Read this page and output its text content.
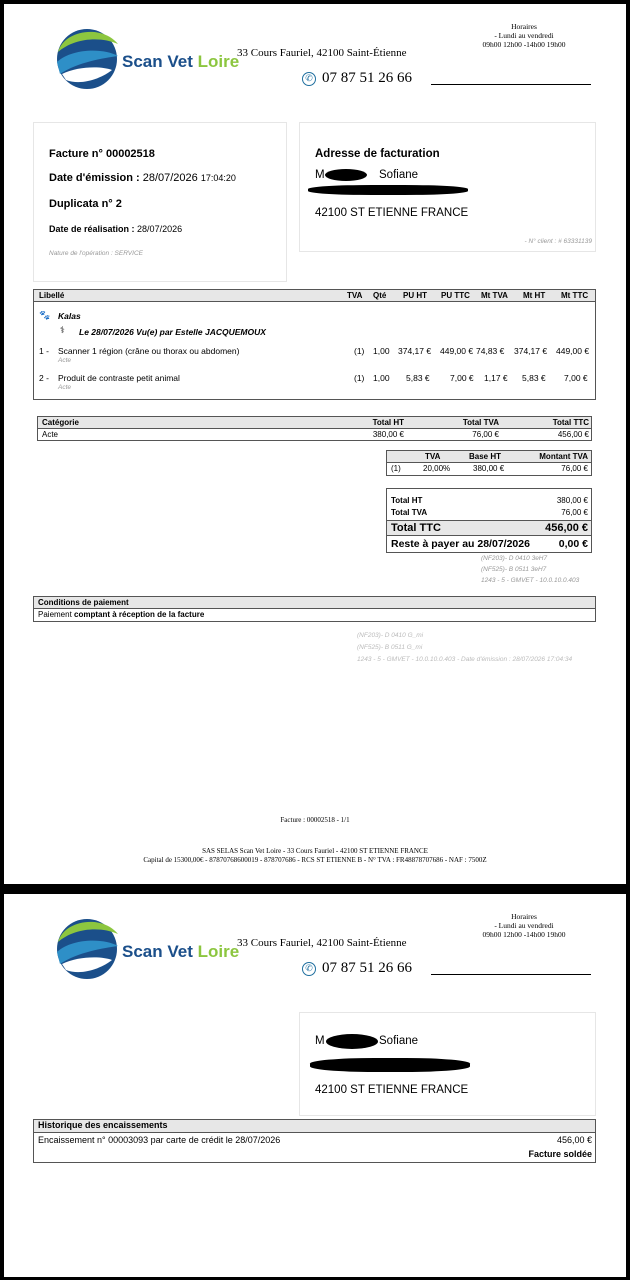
Scan Vet Loire
33 Cours Fauriel, 42100 Saint-Étienne
✆ 07 87 51 26 66
Horaires
- Lundi au vendredi
09h00 12h00 -14h00 19h00
Facture n° 00002518
Date d'émission : 28/07/2026 17:04:20
Duplicata n° 2
Date de réalisation : 28/07/2026
Nature de l'opération : SERVICE
Adresse de facturation
M	Sofiane
42100 ST ETIENNE FRANCE
- N° client : # 63331139
Libellé	TVA Qté PU HT PU TTC Mt TVA Mt HT Mt TTC
🐾 Kalas
⚕ Le 28/07/2026 Vu(e) par Estelle JACQUEMOUX
1 - Scanner 1 région (crâne ou thorax ou abdomen)
Acte
(1) 1,00 374,17 € 449,00 € 74,83 € 374,17 € 449,00 €
2 - Produit de contraste petit animal
Acte
(1) 1,00 5,83 € 7,00 € 1,17 € 5,83 € 7,00 €
Catégorie	Total HT	Total TVA	Total TTC
Acte	380,00 €	76,00 €	456,00 €
TVA	Base HT	Montant TVA
(1)	20,00%	380,00 €	76,00 €
Total HT	380,00 €
Total TVA	76,00 €
Total TTC	456,00 €
Reste à payer au 28/07/2026	0,00 €
(NF203)- D 0410 3eH7
(NF525)- B 0511 3eH7
1243 - 5 - GMVET - 10.0.10.0.403
Conditions de paiement
Paiement comptant à réception de la facture
(NF203)- D 0410 G_mi
(NF525)- B 0511 G_mi
1243 - 5 - GMVET - 10.0.10.0.403 - Date d'émission : 28/07/2026 17:04:34
Facture : 00002518 - 1/1
SAS SELAS Scan Vet Loire - 33 Cours Fauriel - 42100 ST ETIENNE FRANCE
Capital de 15300,00€ - 87870768600019 - 878707686 - RCS ST ETIENNE B - N° TVA : FR48878707686 - NAF : 7500Z
Scan Vet Loire
33 Cours Fauriel, 42100 Saint-Étienne
✆ 07 87 51 26 66
Horaires
- Lundi au vendredi
09h00 12h00 -14h00 19h00
M	Sofiane
42100 ST ETIENNE FRANCE
Historique des encaissements
Encaissement n° 00003093 par carte de crédit le 28/07/2026	456,00 €
Facture soldée
